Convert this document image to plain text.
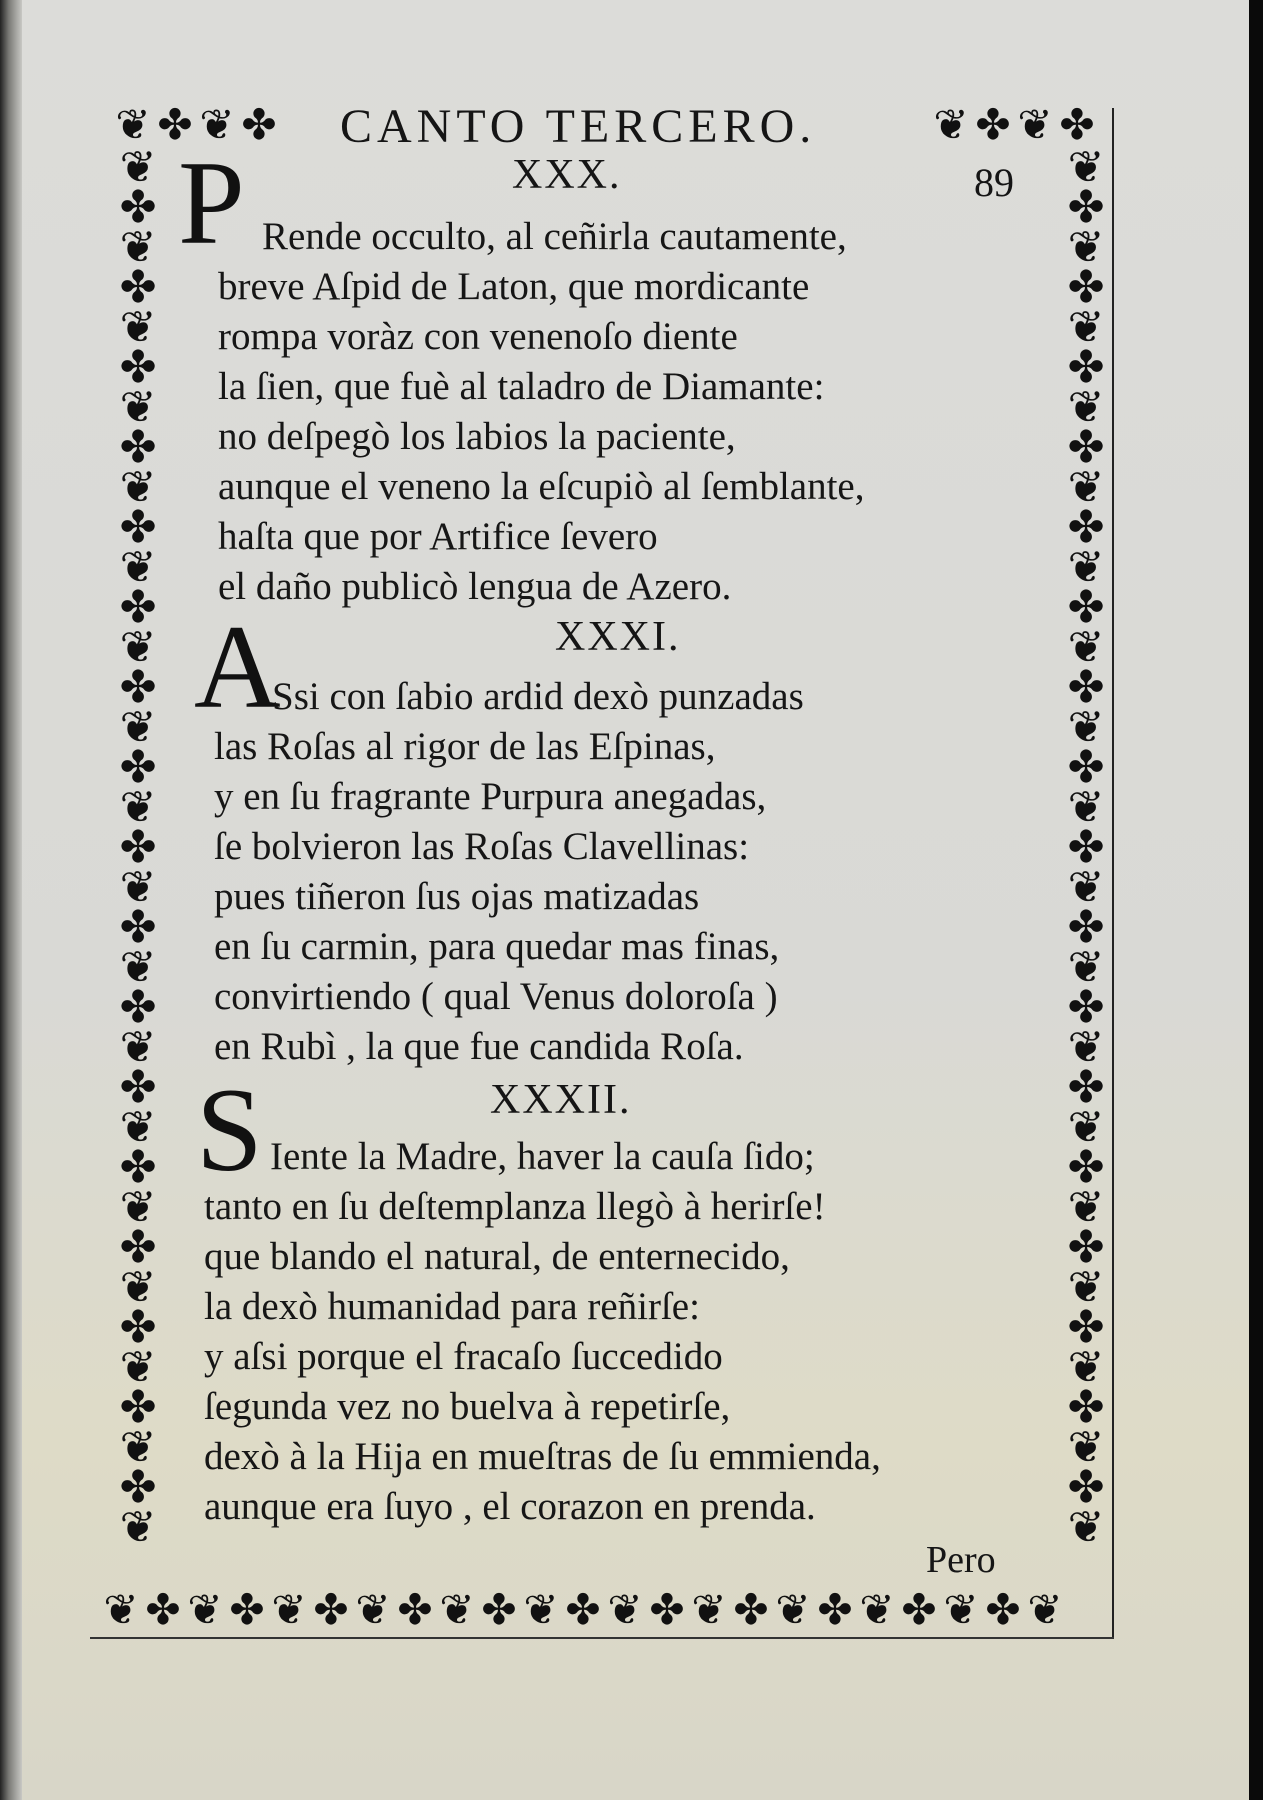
❦ ✤ ❦ ✤	❦ ✤ ❦ ✤
❦
✤
❦
✤
❦
✤
❦
✤
❦
✤
❦
✤
❦
✤
❦
✤
❦
✤
❦
✤
❦
✤
❦
✤
❦
✤
❦
✤
❦
✤
❦
✤
❦
✤
❦
❦
✤
❦
✤
❦
✤
❦
✤
❦
✤
❦
✤
❦
✤
❦
✤
❦
✤
❦
✤
❦
✤
❦
✤
❦
✤
❦
✤
❦
✤
❦
✤
❦
✤
❦
❦ ✤ ❦ ✤ ❦ ✤ ❦ ✤ ❦ ✤ ❦ ✤ ❦ ✤ ❦ ✤ ❦ ✤ ❦ ✤ ❦ ✤ ❦
CANTO TERCERO.
89
XXX.
P Rende occulto, al ceñirla cautamente,
breve Aſpid de Laton, que mordicante
rompa voràz con venenoſo diente
la ſien, que fuè al taladro de Diamante:
no deſpegò los labios la paciente,
aunque el veneno la eſcupiò al ſemblante,
haſta que por Artifice ſevero
el daño publicò lengua de Azero.
XXXI.
A
Ssi con ſabio ardid dexò punzadas
las Roſas al rigor de las Eſpinas,
y en ſu fragrante Purpura anegadas,
ſe bolvieron las Roſas Clavellinas:
pues tiñeron ſus ojas matizadas
en ſu carmin, para quedar mas finas,
convirtiendo ( qual Venus doloroſa )
en Rubì , la que fue candida Roſa.
XXXII.
S Iente la Madre, haver la cauſa ſido;
tanto en ſu deſtemplanza llegò à herirſe!
que blando el natural, de enternecido,
la dexò humanidad para reñirſe:
y aſsi porque el fracaſo ſuccedido
ſegunda vez no buelva à repetirſe,
dexò à la Hija en mueſtras de ſu emmienda,
aunque era ſuyo , el corazon en prenda.
Pero
